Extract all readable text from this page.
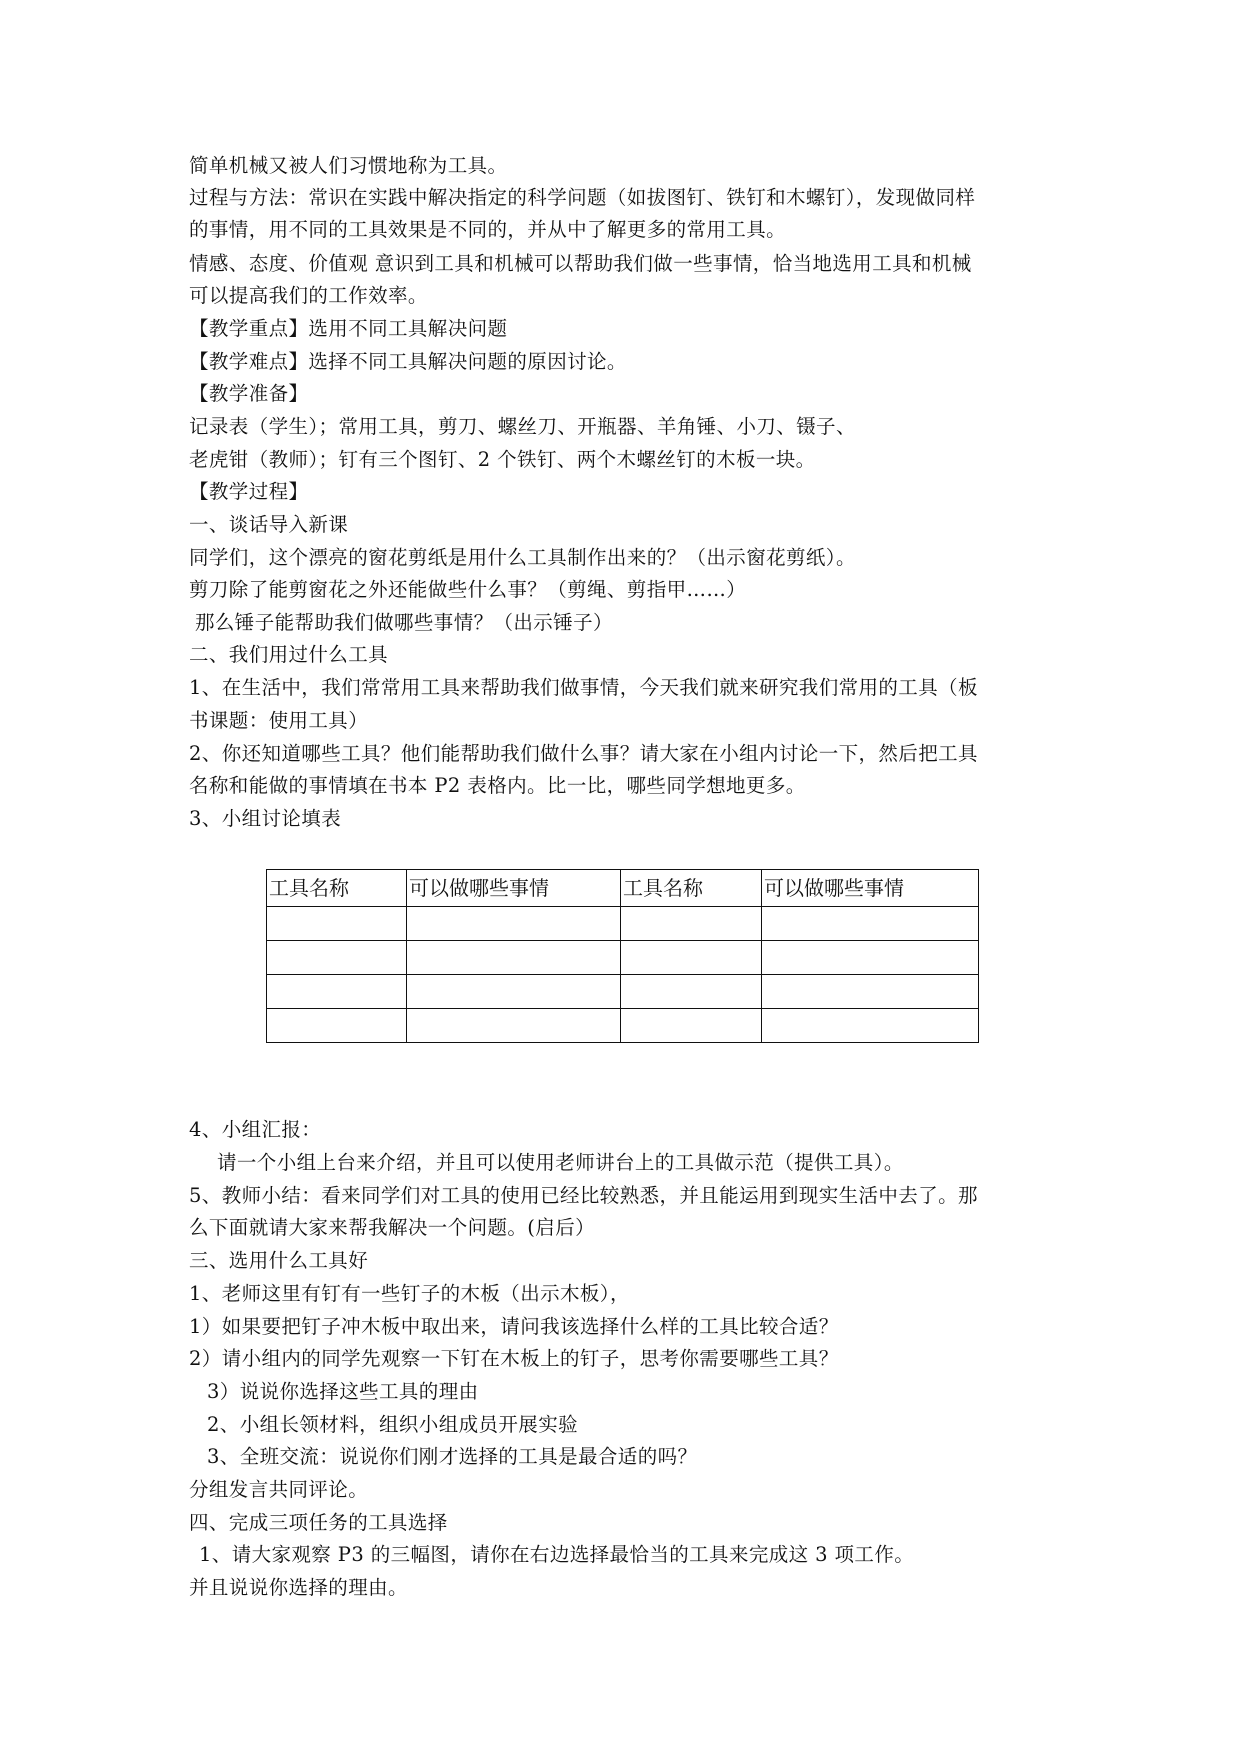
简单机械又被人们习惯地称为工具。
过程与方法：常识在实践中解决指定的科学问题（如拔图钉、铁钉和木螺钉），发现做同样
的事情，用不同的工具效果是不同的，并从中了解更多的常用工具。
情感、态度、价值观 意识到工具和机械可以帮助我们做一些事情，恰当地选用工具和机械
可以提高我们的工作效率。
【教学重点】选用不同工具解决问题
【教学难点】选择不同工具解决问题的原因讨论。
【教学准备】
记录表（学生）；常用工具，剪刀、螺丝刀、开瓶器、羊角锤、小刀、镊子、
老虎钳（教师）；钉有三个图钉、2 个铁钉、两个木螺丝钉的木板一块。
【教学过程】
一、谈话导入新课
同学们，这个漂亮的窗花剪纸是用什么工具制作出来的？（出示窗花剪纸）。
剪刀除了能剪窗花之外还能做些什么事？（剪绳、剪指甲……）
那么锤子能帮助我们做哪些事情？（出示锤子）
二、我们用过什么工具
1、在生活中，我们常常用工具来帮助我们做事情，今天我们就来研究我们常用的工具（板
书课题：使用工具）
2、你还知道哪些工具？他们能帮助我们做什么事？请大家在小组内讨论一下，然后把工具
名称和能做的事情填在书本 P2 表格内。比一比，哪些同学想地更多。
3、小组讨论填表
工具名称	可以做哪些事情	工具名称	可以做哪些事情

4、小组汇报：
请一个小组上台来介绍，并且可以使用老师讲台上的工具做示范（提供工具）。
5、教师小结：看来同学们对工具的使用已经比较熟悉，并且能运用到现实生活中去了。那
么下面就请大家来帮我解决一个问题。(启后）
三、选用什么工具好
1、老师这里有钉有一些钉子的木板（出示木板），
1）如果要把钉子冲木板中取出来，请问我该选择什么样的工具比较合适？
2）请小组内的同学先观察一下钉在木板上的钉子，思考你需要哪些工具？
3）说说你选择这些工具的理由
2、小组长领材料，组织小组成员开展实验
3、全班交流：说说你们刚才选择的工具是最合适的吗？
分组发言共同评论。
四、完成三项任务的工具选择
1、请大家观察 P3 的三幅图，请你在右边选择最恰当的工具来完成这 3 项工作。
并且说说你选择的理由。
